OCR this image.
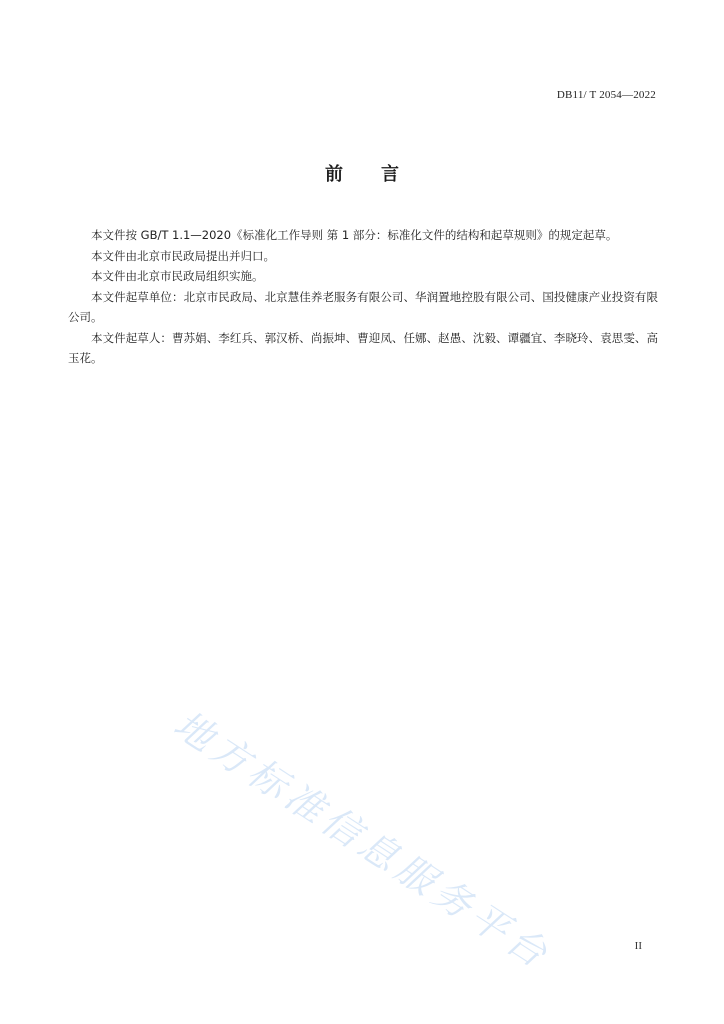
DB11/ T 2054—2022
前言

本文件按 GB/T 1.1—2020《标准化工作导则 第 1 部分：标准化文件的结构和起草规则》的规定起草。

本文件由北京市民政局提出并归口。

本文件由北京市民政局组织实施。

本文件起草单位：北京市民政局、北京慧佳养老服务有限公司、华润置地控股有限公司、国投健康产业投资有限公司。

本文件起草人：曹苏娟、李红兵、郭汉桥、尚振坤、曹迎凤、任娜、赵愚、沈毅、谭疆宜、李晓玲、袁思雯、高玉花。

地方标准信息服务平台	II
